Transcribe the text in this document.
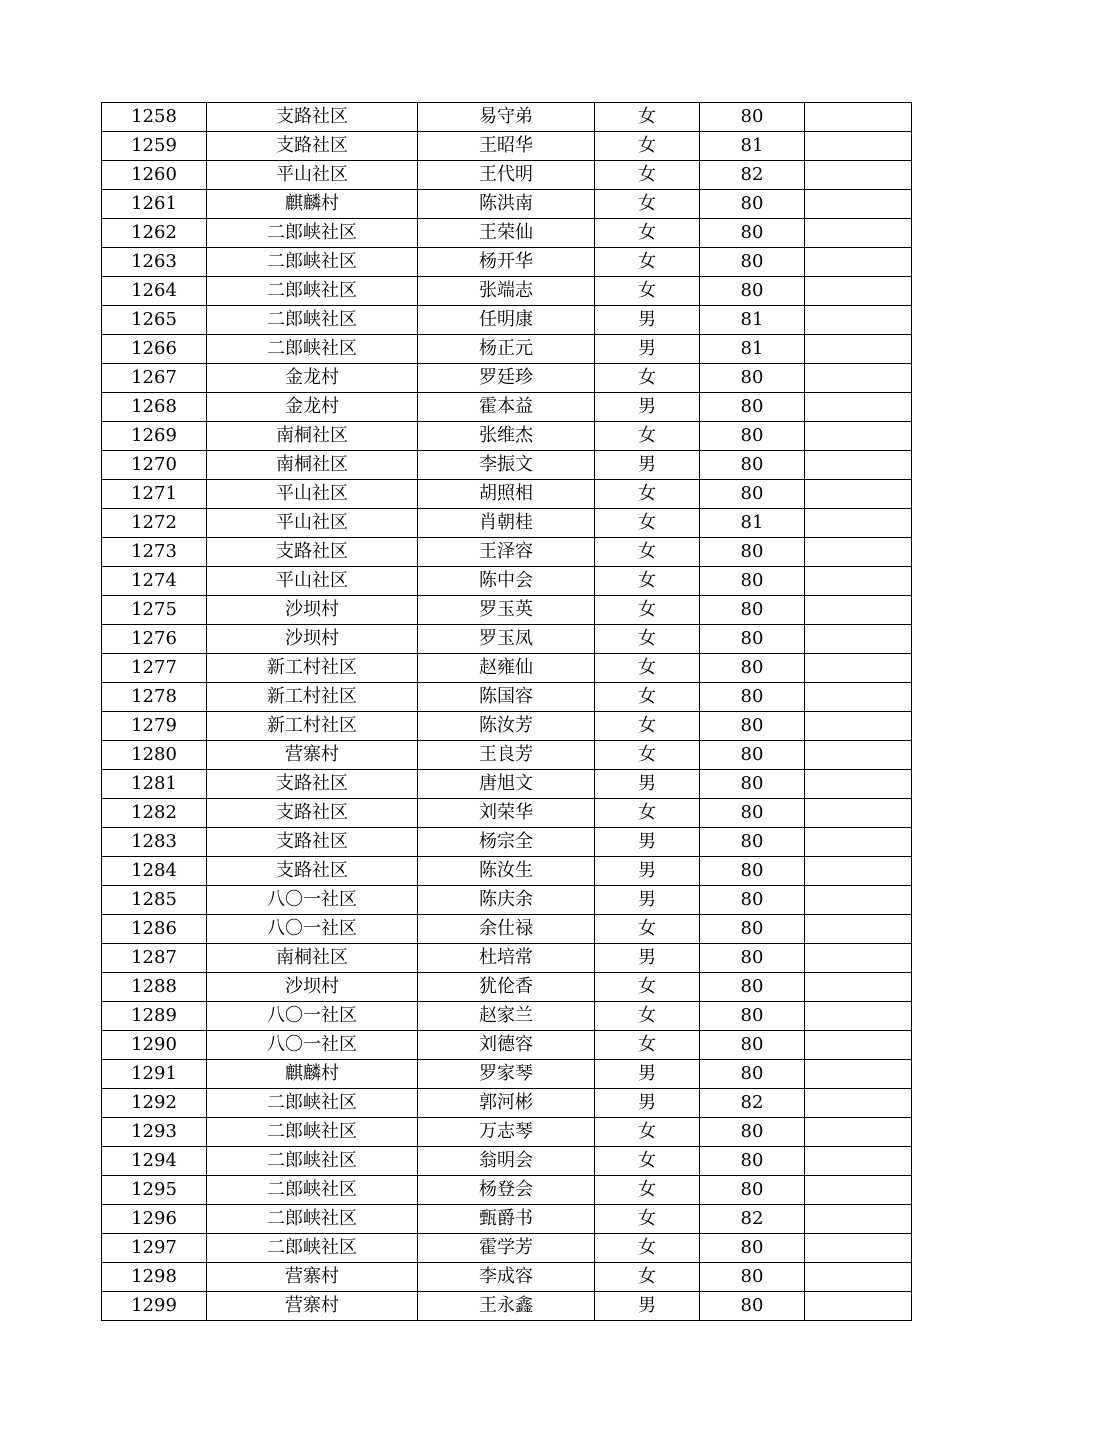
1258	支路社区	易守弟	女	80	
1259	支路社区	王昭华	女	81	
1260	平山社区	王代明	女	82	
1261	麒麟村	陈洪南	女	80	
1262	二郎峡社区	王荣仙	女	80	
1263	二郎峡社区	杨开华	女	80	
1264	二郎峡社区	张端志	女	80	
1265	二郎峡社区	任明康	男	81	
1266	二郎峡社区	杨正元	男	81	
1267	金龙村	罗廷珍	女	80	
1268	金龙村	霍本益	男	80	
1269	南桐社区	张维杰	女	80	
1270	南桐社区	李振文	男	80	
1271	平山社区	胡照相	女	80	
1272	平山社区	肖朝桂	女	81	
1273	支路社区	王泽容	女	80	
1274	平山社区	陈中会	女	80	
1275	沙坝村	罗玉英	女	80	
1276	沙坝村	罗玉凤	女	80	
1277	新工村社区	赵雍仙	女	80	
1278	新工村社区	陈国容	女	80	
1279	新工村社区	陈汝芳	女	80	
1280	营寨村	王良芳	女	80	
1281	支路社区	唐旭文	男	80	
1282	支路社区	刘荣华	女	80	
1283	支路社区	杨宗全	男	80	
1284	支路社区	陈汝生	男	80	
1285	八〇一社区	陈庆余	男	80	
1286	八〇一社区	余仕禄	女	80	
1287	南桐社区	杜培常	男	80	
1288	沙坝村	犹伦香	女	80	
1289	八〇一社区	赵家兰	女	80	
1290	八〇一社区	刘德容	女	80	
1291	麒麟村	罗家琴	男	80	
1292	二郎峡社区	郭河彬	男	82	
1293	二郎峡社区	万志琴	女	80	
1294	二郎峡社区	翁明会	女	80	
1295	二郎峡社区	杨登会	女	80	
1296	二郎峡社区	甄爵书	女	82	
1297	二郎峡社区	霍学芳	女	80	
1298	营寨村	李成容	女	80	
1299	营寨村	王永鑫	男	80	
